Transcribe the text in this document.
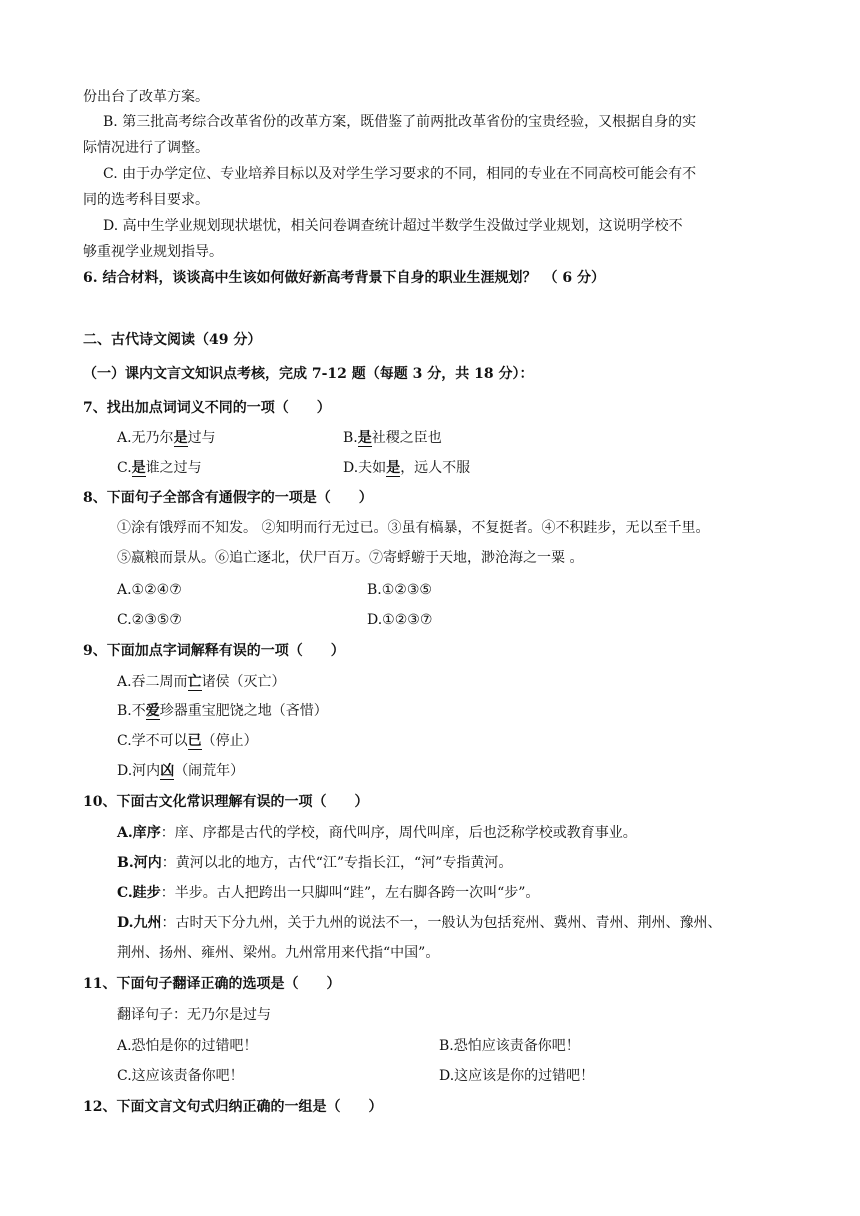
份出台了改革方案。
B. 第三批高考综合改革省份的改革方案，既借鉴了前两批改革省份的宝贵经验，又根据自身的实
际情况进行了调整。
C. 由于办学定位、专业培养目标以及对学生学习要求的不同，相同的专业在不同高校可能会有不
同的选考科目要求。
D. 高中生学业规划现状堪忧，相关问卷调查统计超过半数学生没做过学业规划，这说明学校不
够重视学业规划指导。
6. 结合材料，谈谈高中生该如何做好新高考背景下自身的职业生涯规划？　（ 6 分）
二、古代诗文阅读（49 分）
（一）课内文言文知识点考核，完成 7-12 题（每题 3 分，共 18 分）：
7、找出加点词词义不同的一项（　　）
A.无乃尔是过与	B.是社稷之臣也
C.是谁之过与	D.夫如是，远人不服
8、下面句子全部含有通假字的一项是（　　）
①涂有饿殍而不知发。 ②知明而行无过已。③虽有槁暴，不复挺者。④不积跬步，无以至千里。
⑤嬴粮而景从。⑥追亡逐北，伏尸百万。⑦寄蜉蝣于天地，渺沧海之一粟 。
A.①②④⑦	B.①②③⑤
C.②③⑤⑦	D.①②③⑦
9、下面加点字词解释有误的一项（　　）
A.吞二周而亡诸侯（灭亡）
B.不爱珍器重宝肥饶之地（吝惜）
C.学不可以已（停止）
D.河内凶（闹荒年）
10、下面古文化常识理解有误的一项（　　）
A.庠序：庠、序都是古代的学校，商代叫序，周代叫庠，后也泛称学校或教育事业。
B.河内：黄河以北的地方，古代“江”专指长江，“河”专指黄河。
C.跬步：半步。古人把跨出一只脚叫“跬”，左右脚各跨一次叫“步”。
D.九州：古时天下分九州，关于九州的说法不一，一般认为包括兖州、冀州、青州、荆州、豫州、
荆州、扬州、雍州、梁州。九州常用来代指“中国”。
11、下面句子翻译正确的选项是（　　）
翻译句子：无乃尔是过与
A.恐怕是你的过错吧！	B.恐怕应该责备你吧！
C.这应该责备你吧！	D.这应该是你的过错吧！
12、下面文言文句式归纳正确的一组是（　　）
